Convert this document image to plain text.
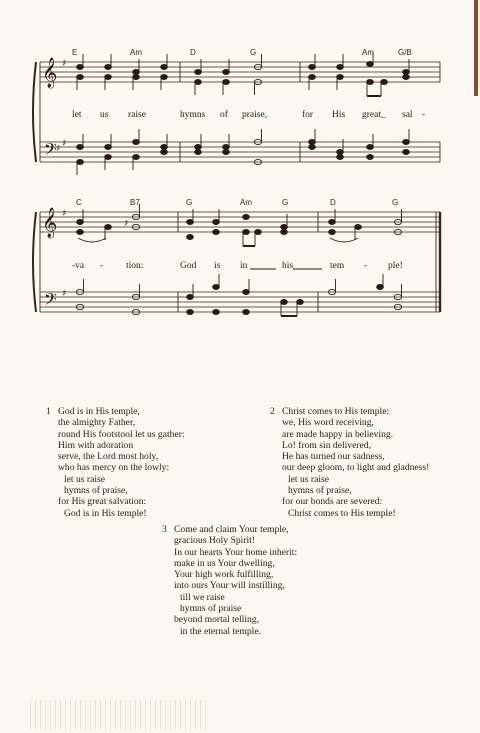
𝄞
𝄢
♯
♯
♯
E	Am	D	G	Am	G/B
let us raise	hymns of praise,	for His great_ sal -
𝄞
𝄢
♯
♯
C	B7	G	Am	G	D	G
♯
-va - tion:	God is in	his	tem - ple!
1 God is in His temple,
the almighty Father,
round His footstool let us gather:
Him with adoration
serve, the Lord most holy,
who has mercy on the lowly:
let us raise
hymns of praise,
for His great salvation:
God is in His temple!
2 Christ comes to His temple:
we, His word receiving,
are made happy in believing.
Lo! from sin delivered,
He has turned our sadness,
our deep gloom, to light and gladness!
let us raise
hymns of praise,
for our bonds are severed:
Christ comes to His temple!
3 Come and claim Your temple,
gracious Holy Spirit!
In our hearts Your home inherit:
make in us Your dwelling,
Your high work fulfilling,
into ours Your will instilling,
till we raise
hymns of praise
beyond mortal telling,
in the eternal temple.
